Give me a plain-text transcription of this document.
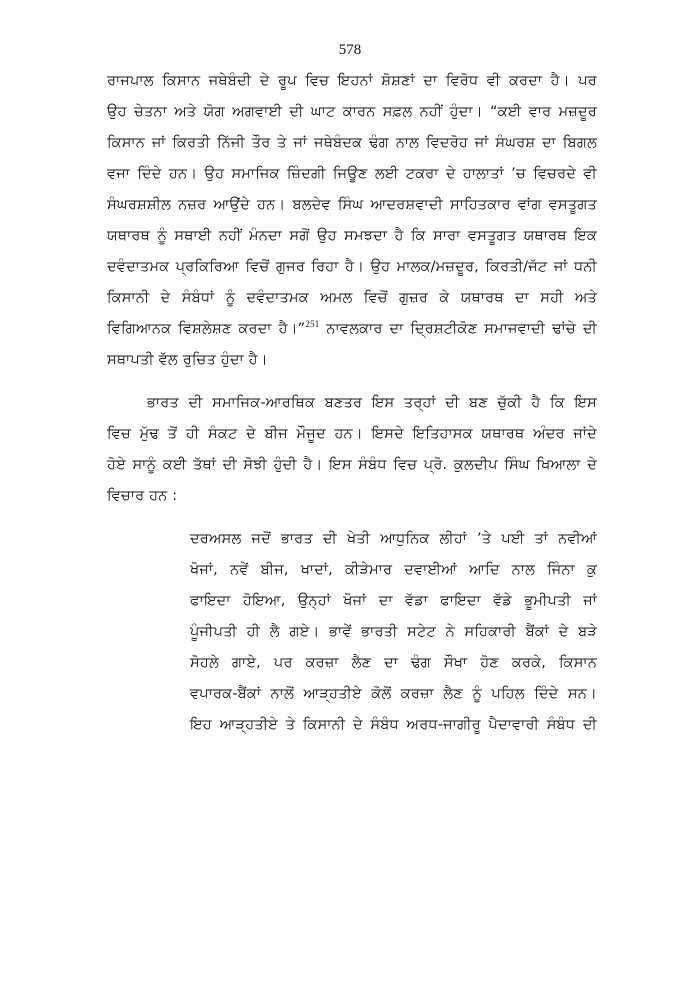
578
ਰਾਜਪਾਲ ਕਿਸਾਨ ਜਥੇਬੰਦੀ ਦੇ ਰੂਪ ਵਿਚ ਇਹਨਾਂ ਸ਼ੋਸ਼ਣਾਂ ਦਾ ਵਿਰੋਧ ਵੀ ਕਰਦਾ ਹੈ। ਪਰ
ਉਹ ਚੇਤਨਾ ਅਤੇ ਯੋਗ ਅਗਵਾਈ ਦੀ ਘਾਟ ਕਾਰਨ ਸਫ਼ਲ ਨਹੀਂ ਹੁੰਦਾ। “ਕਈ ਵਾਰ ਮਜ਼ਦੂਰ
ਕਿਸਾਨ ਜਾਂ ਕਿਰਤੀ ਨਿੱਜੀ ਤੌਰ ਤੇ ਜਾਂ ਜਥੇਬੰਦਕ ਢੰਗ ਨਾਲ ਵਿਦਰੋਹ ਜਾਂ ਸੰਘਰਸ਼ ਦਾ ਬਿਗਲ
ਵਜਾ ਦਿੰਦੇ ਹਨ। ਉਹ ਸਮਾਜਿਕ ਜ਼ਿੰਦਗੀ ਜਿਊਣ ਲਈ ਟਕਰਾ ਦੇ ਹਾਲਾਤਾਂ ’ਚ ਵਿਚਰਦੇ ਵੀ
ਸੰਘਰਸ਼ਸ਼ੀਲ ਨਜ਼ਰ ਆਉਂਦੇ ਹਨ। ਬਲਦੇਵ ਸਿੰਘ ਆਦਰਸ਼ਵਾਦੀ ਸਾਹਿਤਕਾਰ ਵਾਂਗ ਵਸਤੂਗਤ
ਯਥਾਰਥ ਨੂੰ ਸਥਾਈ ਨਹੀਂ ਮੰਨਦਾ ਸਗੋਂ ਉਹ ਸਮਝਦਾ ਹੈ ਕਿ ਸਾਰਾ ਵਸਤੂਗਤ ਯਥਾਰਥ ਇਕ
ਦਵੰਦਾਤਮਕ ਪ੍ਰਕਿਰਿਆ ਵਿਚੋਂ ਗੁਜਰ ਰਿਹਾ ਹੈ। ਉਹ ਮਾਲਕ/ਮਜ਼ਦੂਰ, ਕਿਰਤੀ/ਜੱਟ ਜਾਂ ਧਨੀ
ਕਿਸਾਨੀ ਦੇ ਸੰਬੰਧਾਂ ਨੂੰ ਦਵੰਦਾਤਮਕ ਅਮਲ ਵਿਚੋਂ ਗੁਜ਼ਰ ਕੇ ਯਥਾਰਥ ਦਾ ਸਹੀ ਅਤੇ
ਵਿਗਿਆਨਕ ਵਿਸ਼ਲੇਸ਼ਣ ਕਰਦਾ ਹੈ।”$^{251}$ ਨਾਵਲਕਾਰ ਦਾ ਦ੍ਰਿਸ਼ਟੀਕੋਣ ਸਮਾਜਵਾਦੀ ਢਾਂਚੇ ਦੀ
ਸਥਾਪਤੀ ਵੱਲ ਰੁਚਿਤ ਹੁੰਦਾ ਹੈ।
ਭਾਰਤ ਦੀ ਸਮਾਜਿਕ-ਆਰਥਿਕ ਬਣਤਰ ਇਸ ਤਰ੍ਹਾਂ ਦੀ ਬਣ ਚੁੱਕੀ ਹੈ ਕਿ ਇਸ
ਵਿਚ ਮੁੱਢ ਤੋਂ ਹੀ ਸੰਕਟ ਦੇ ਬੀਜ ਮੌਜੂਦ ਹਨ। ਇਸਦੇ ਇਤਿਹਾਸਕ ਯਥਾਰਥ ਅੰਦਰ ਜਾਂਦੇ
ਹੋਏ ਸਾਨੂੰ ਕਈ ਤੱਥਾਂ ਦੀ ਸੋਝੀ ਹੁੰਦੀ ਹੈ। ਇਸ ਸੰਬੰਧ ਵਿਚ ਪ੍ਰੋ. ਕੁਲਦੀਪ ਸਿੰਘ ਖਿਆਲਾ ਦੇ
ਵਿਚਾਰ ਹਨ :
ਦਰਅਸਲ ਜਦੋਂ ਭਾਰਤ ਦੀ ਖੇਤੀ ਆਧੁਨਿਕ ਲੀਹਾਂ ’ਤੇ ਪਈ ਤਾਂ ਨਵੀਆਂ
ਖੋਜਾਂ, ਨਵੇਂ ਬੀਜ, ਖਾਦਾਂ, ਕੀੜੇਮਾਰ ਦਵਾਈਆਂ ਆਦਿ ਨਾਲ ਜਿੰਨਾ ਕੁ
ਫਾਇਦਾ ਹੋਇਆ, ਉਨ੍ਹਾਂ ਖੋਜਾਂ ਦਾ ਵੱਡਾ ਫਾਇਦਾ ਵੱਡੇ ਭੂਮੀਪਤੀ ਜਾਂ
ਪੂੰਜੀਪਤੀ ਹੀ ਲੈ ਗਏ। ਭਾਵੇਂ ਭਾਰਤੀ ਸਟੇਟ ਨੇ ਸਹਿਕਾਰੀ ਬੈਂਕਾਂ ਦੇ ਬੜੇ
ਸੋਹਲੇ ਗਾਏ, ਪਰ ਕਰਜ਼ਾ ਲੈਣ ਦਾ ਢੰਗ ਸੌਖਾ ਹੋਣ ਕਰਕੇ, ਕਿਸਾਨ
ਵਪਾਰਕ-ਬੈਂਕਾਂ ਨਾਲੋਂ ਆੜ੍ਹਤੀਏ ਕੋਲੋਂ ਕਰਜ਼ਾ ਲੈਣ ਨੂੰ ਪਹਿਲ ਦਿੰਦੇ ਸਨ।
ਇਹ ਆੜ੍ਹਤੀਏ ਤੇ ਕਿਸਾਨੀ ਦੇ ਸੰਬੰਧ ਅਰਧ-ਜਾਗੀਰੂ ਪੈਦਾਵਾਰੀ ਸੰਬੰਧ ਦੀ
